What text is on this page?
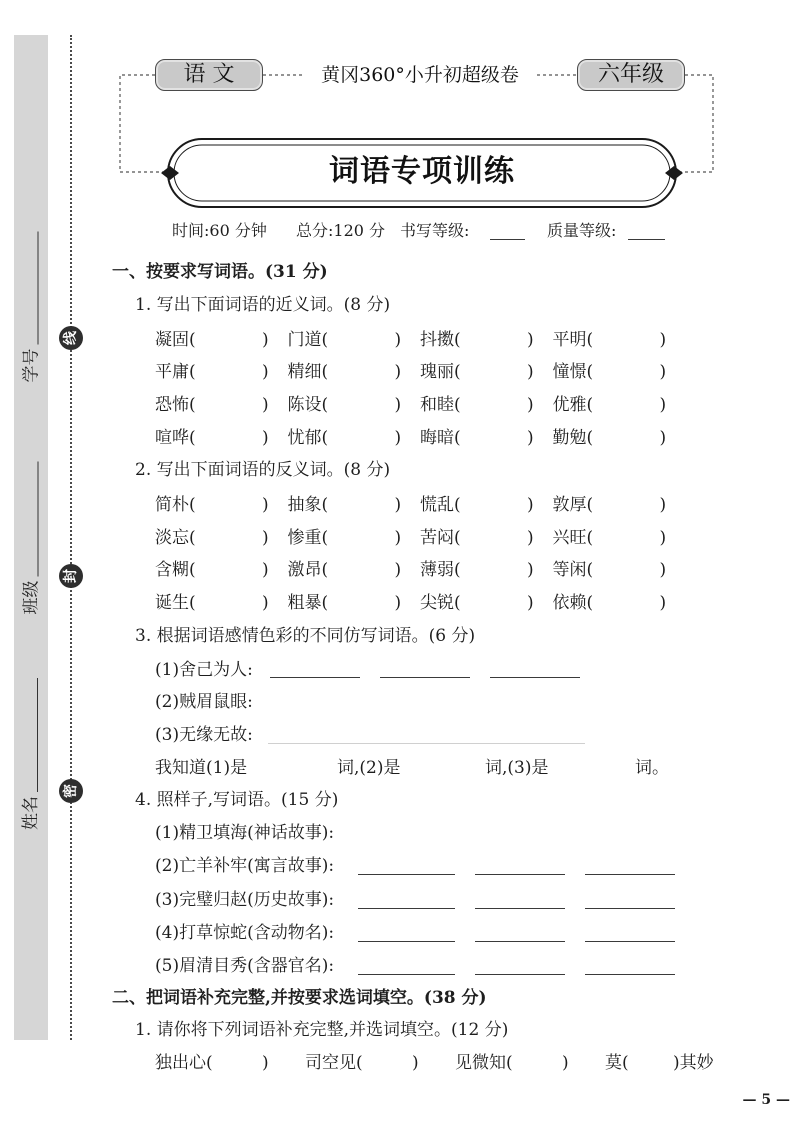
学号
班级
姓名
线
封
密
语 文	黄冈360°小升初超级卷	六年级
词语专项训练
时间:60 分钟 总分:120 分 书写等级:	质量等级:
一、按要求写词语。(31 分)
1. 写出下面词语的近义词。(8 分)
凝固(	) 门道(	) 抖擞(	) 平明(	)
平庸(	) 精细(	) 瑰丽(	) 憧憬(	)
恐怖(	) 陈设(	) 和睦(	) 优雅(	)
喧哗(	) 忧郁(	) 晦暗(	) 勤勉(	)
2. 写出下面词语的反义词。(8 分)
简朴(	) 抽象(	) 慌乱(	) 敦厚(	)
淡忘(	) 惨重(	) 苦闷(	) 兴旺(	)
含糊(	) 激昂(	) 薄弱(	) 等闲(	)
诞生(	) 粗暴(	) 尖锐(	) 依赖(	)
3. 根据词语感情色彩的不同仿写词语。(6 分)
(1)舍己为人:
(2)贼眉鼠眼:
(3)无缘无故:
我知道(1)是	词,(2)是	词,(3)是	词。
4. 照样子,写词语。(15 分)
(1)精卫填海(神话故事):
(2)亡羊补牢(寓言故事):
(3)完璧归赵(历史故事):
(4)打草惊蛇(含动物名):
(5)眉清目秀(含器官名):
二、把词语补充完整,并按要求选词填空。(38 分)
1. 请你将下列词语补充完整,并选词填空。(12 分)
独出心(	) 司空见(	) 见微知(	) 莫(	)其妙
— 5 —
